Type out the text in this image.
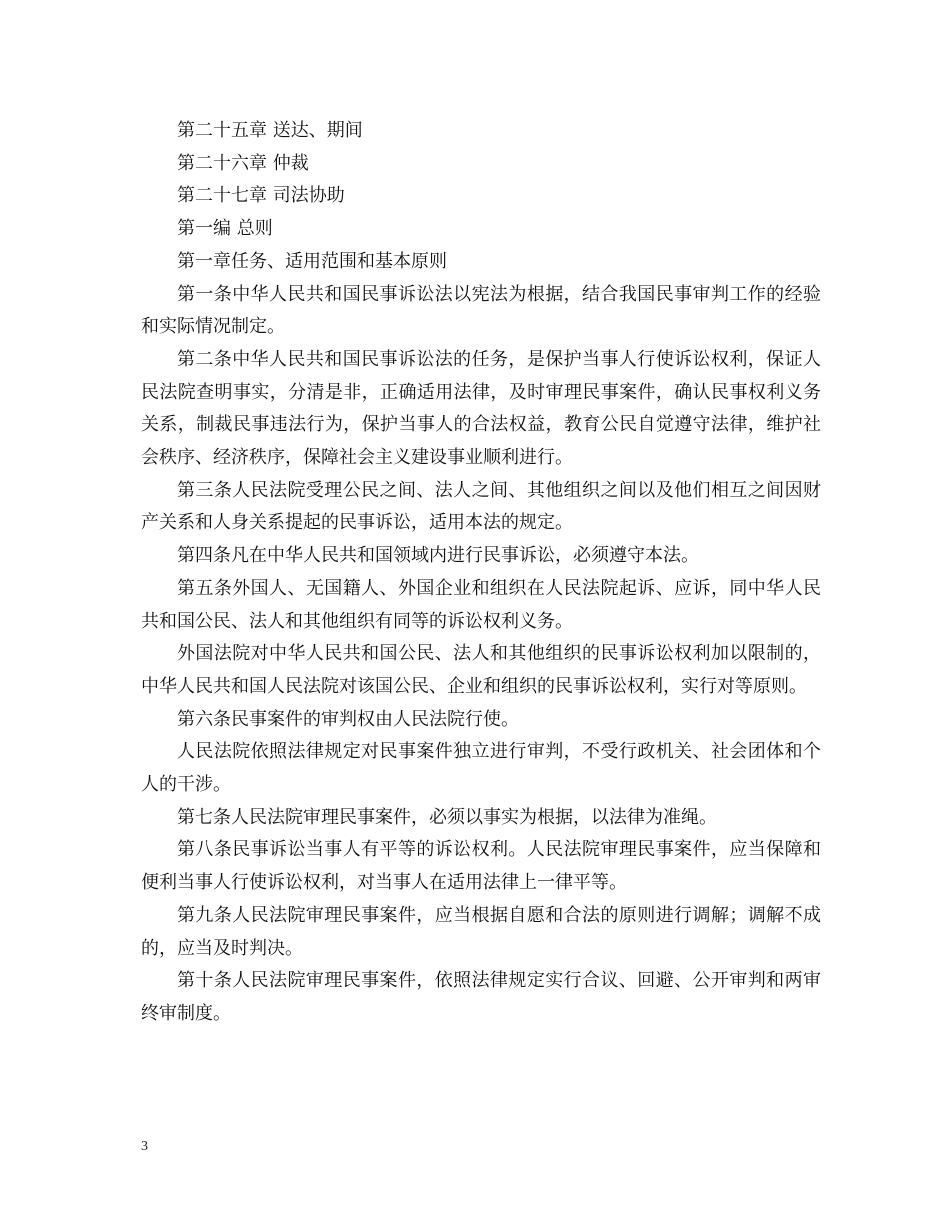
第二十五章 送达、期间

第二十六章 仲裁

第二十七章 司法协助

第一编 总则

第一章任务、适用范围和基本原则

第一条中华人民共和国民事诉讼法以宪法为根据，结合我国民事审判工作的经验和实际情况制定。

第二条中华人民共和国民事诉讼法的任务，是保护当事人行使诉讼权利，保证人民法院查明事实，分清是非，正确适用法律，及时审理民事案件，确认民事权利义务关系，制裁民事违法行为，保护当事人的合法权益，教育公民自觉遵守法律，维护社会秩序、经济秩序，保障社会主义建设事业顺利进行。

第三条人民法院受理公民之间、法人之间、其他组织之间以及他们相互之间因财产关系和人身关系提起的民事诉讼，适用本法的规定。

第四条凡在中华人民共和国领域内进行民事诉讼，必须遵守本法。

第五条外国人、无国籍人、外国企业和组织在人民法院起诉、应诉，同中华人民共和国公民、法人和其他组织有同等的诉讼权利义务。

外国法院对中华人民共和国公民、法人和其他组织的民事诉讼权利加以限制的，中华人民共和国人民法院对该国公民、企业和组织的民事诉讼权利，实行对等原则。

第六条民事案件的审判权由人民法院行使。

人民法院依照法律规定对民事案件独立进行审判，不受行政机关、社会团体和个人的干涉。

第七条人民法院审理民事案件，必须以事实为根据，以法律为准绳。

第八条民事诉讼当事人有平等的诉讼权利。人民法院审理民事案件，应当保障和便利当事人行使诉讼权利，对当事人在适用法律上一律平等。

第九条人民法院审理民事案件，应当根据自愿和合法的原则进行调解；调解不成的，应当及时判决。

第十条人民法院审理民事案件，依照法律规定实行合议、回避、公开审判和两审终审制度。

3
